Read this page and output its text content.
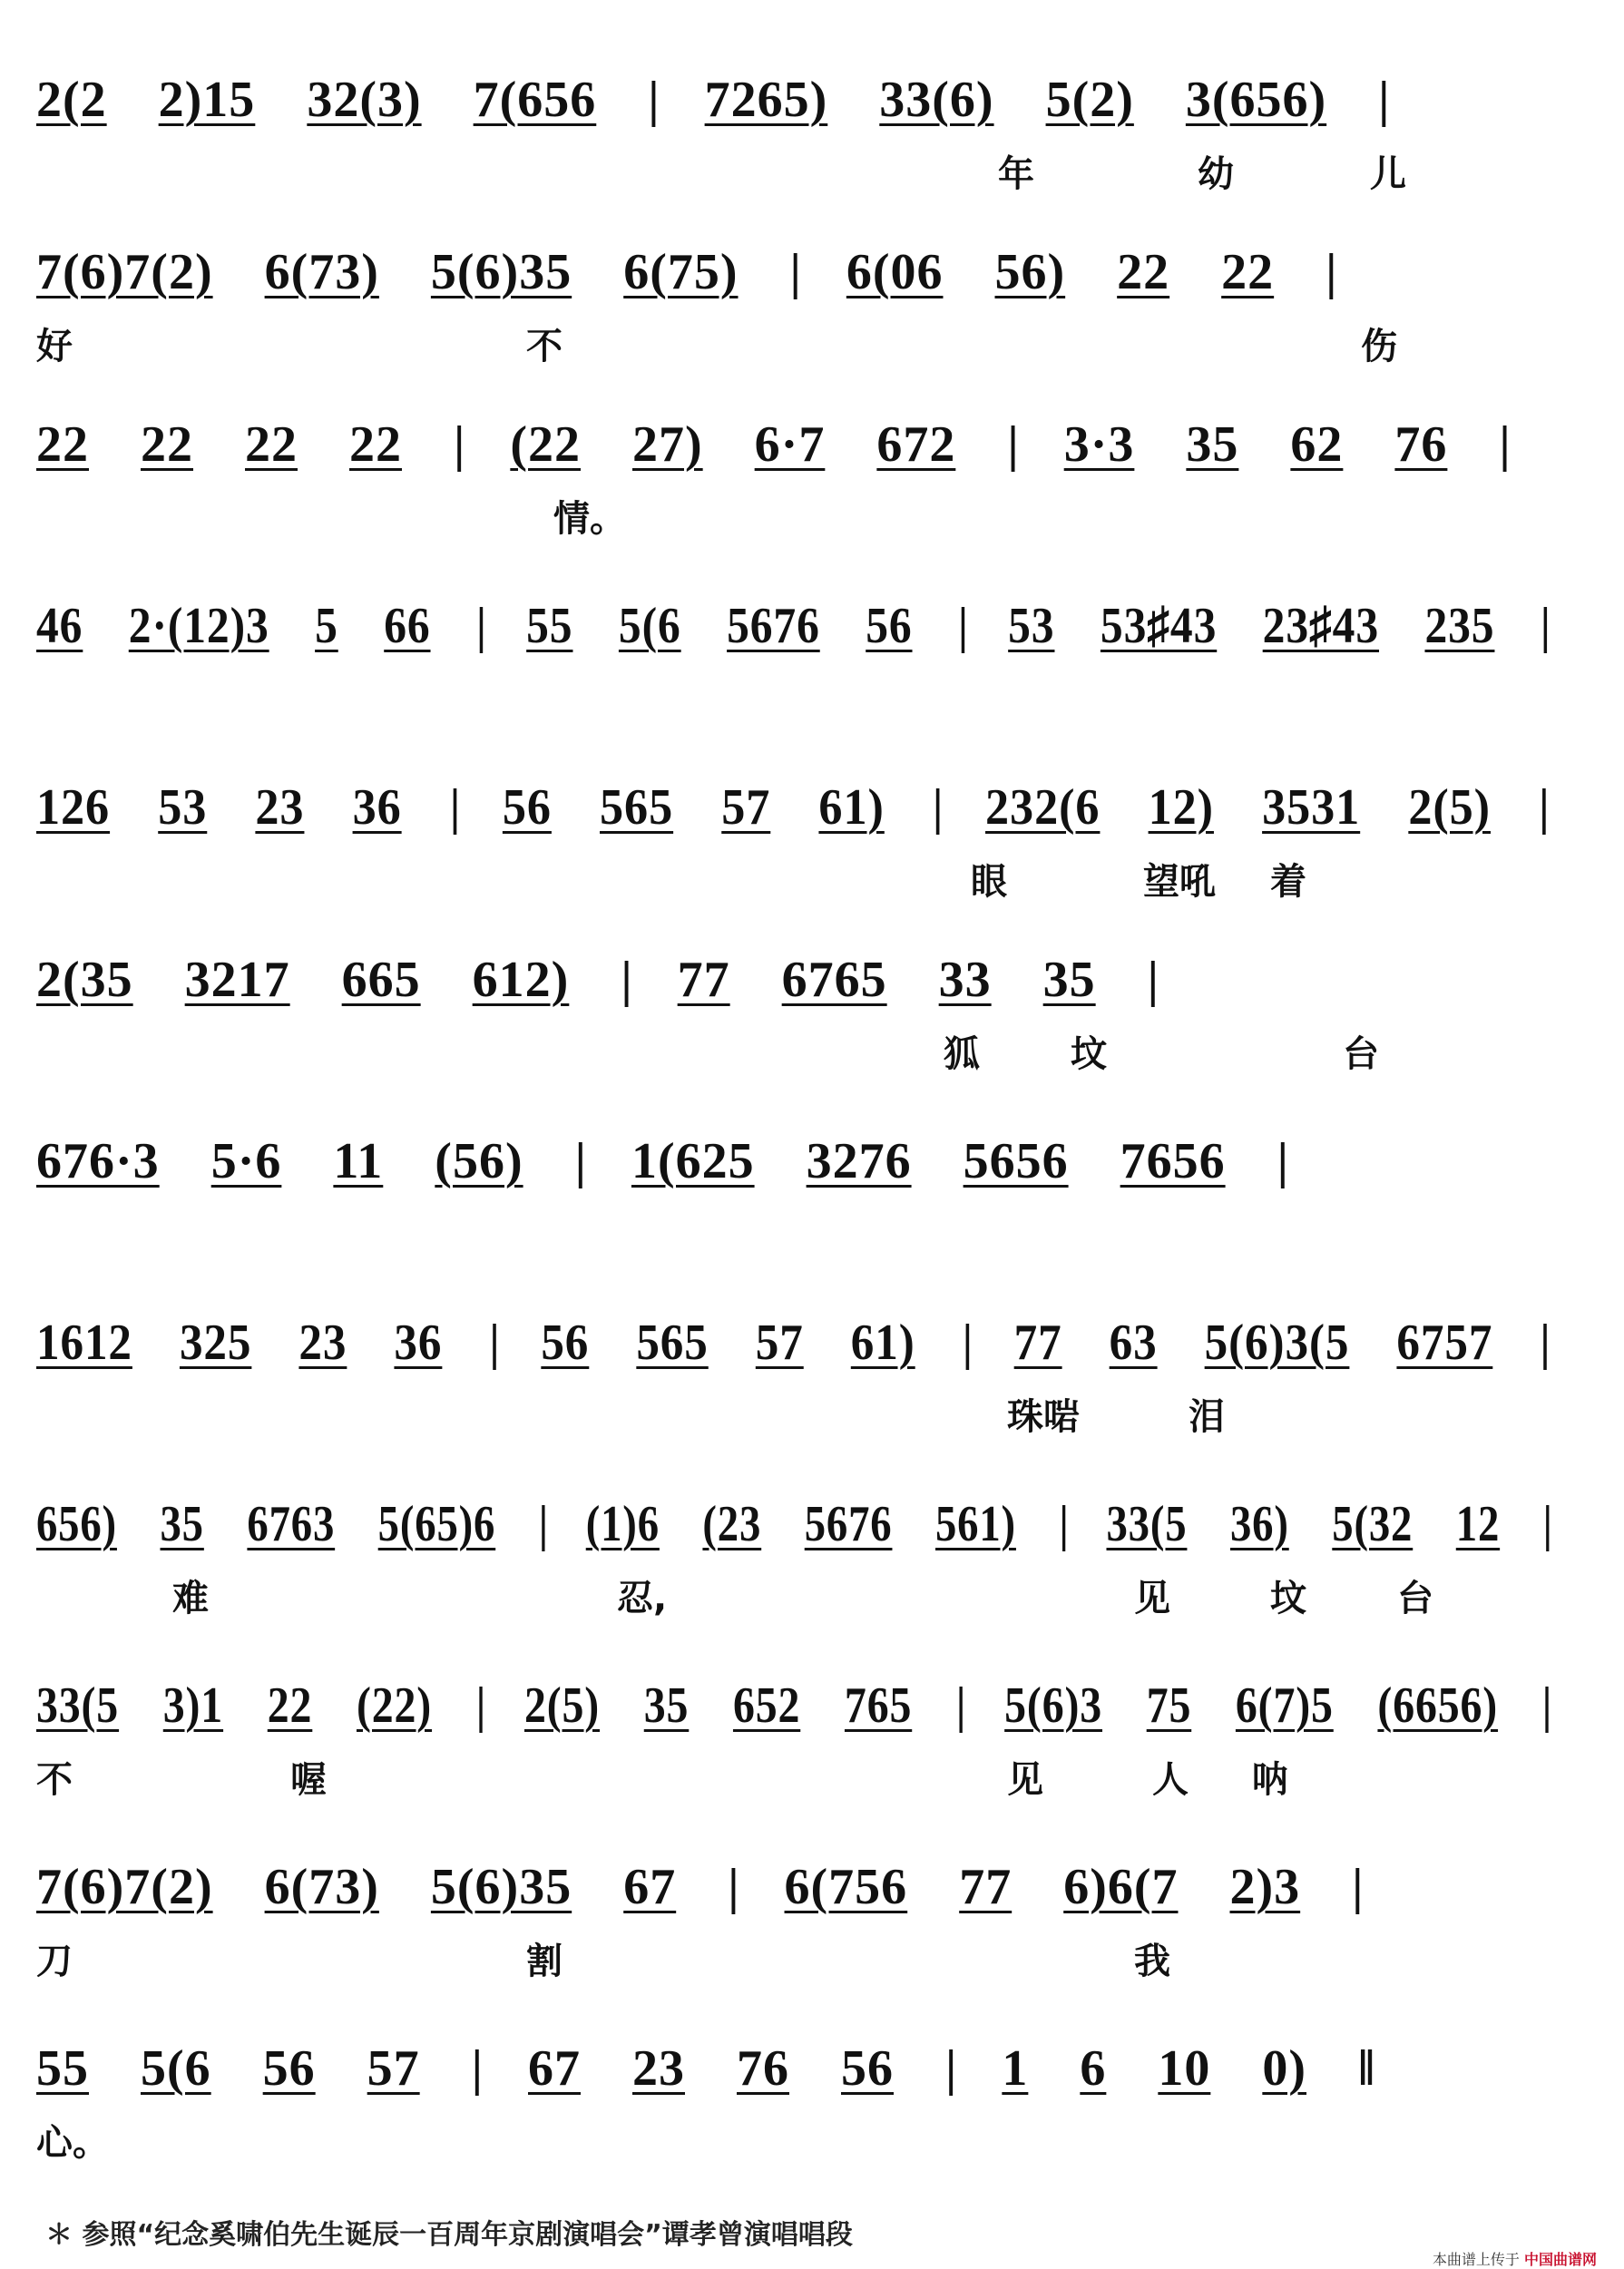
2(2 2)15 32(3) 7(656 | 7265) 33(6) 5(2) 3(656) |
年	幼	儿
7(6)7(2) 6(73) 5(6)35 6(75) | 6(06 56) 22 22 |
好	不	伤
22 22 22 22 | (22 27) 6·7 672 | 3·3 35 62 76 |
情。
46 2·(12)3 5 66 | 55 5(6 5676 56 | 53 53♯43 23♯43 235 |
126 53 23 36 | 56 565 57 61) | 232(6 12) 3531 2(5) |
眼	望吼 着
2(35 3217 665 612) | 77 6765 33 35 |
狐	坟	台
676·3 5·6 11 (56) | 1(625 3276 5656 7656 |
1612 325 23 36 | 56 565 57 61) | 77 63 5(6)3(5 6757 |
珠啱	泪
656) 35 6763 5(65)6 | (1)6 (23 5676 561) | 33(5 36) 5(32 12 |
难	忍,	见	坟	台
33(5 3)1 22 (22) | 2(5) 35 652 765 | 5(6)3 75 6(7)5 (6656) |
不	喔	见	人 呐
7(6)7(2) 6(73) 5(6)35 67 | 6(756 77 6)6(7 2)3 |
刀	割	我
55 5(6 56 57 | 67 23 76 56 | 1 6 10 0) ‖
心。
＊ 参照“纪念奚啸伯先生诞辰一百周年京剧演唱会”谭孝曾演唱唱段
本曲谱上传于 中国曲谱网
